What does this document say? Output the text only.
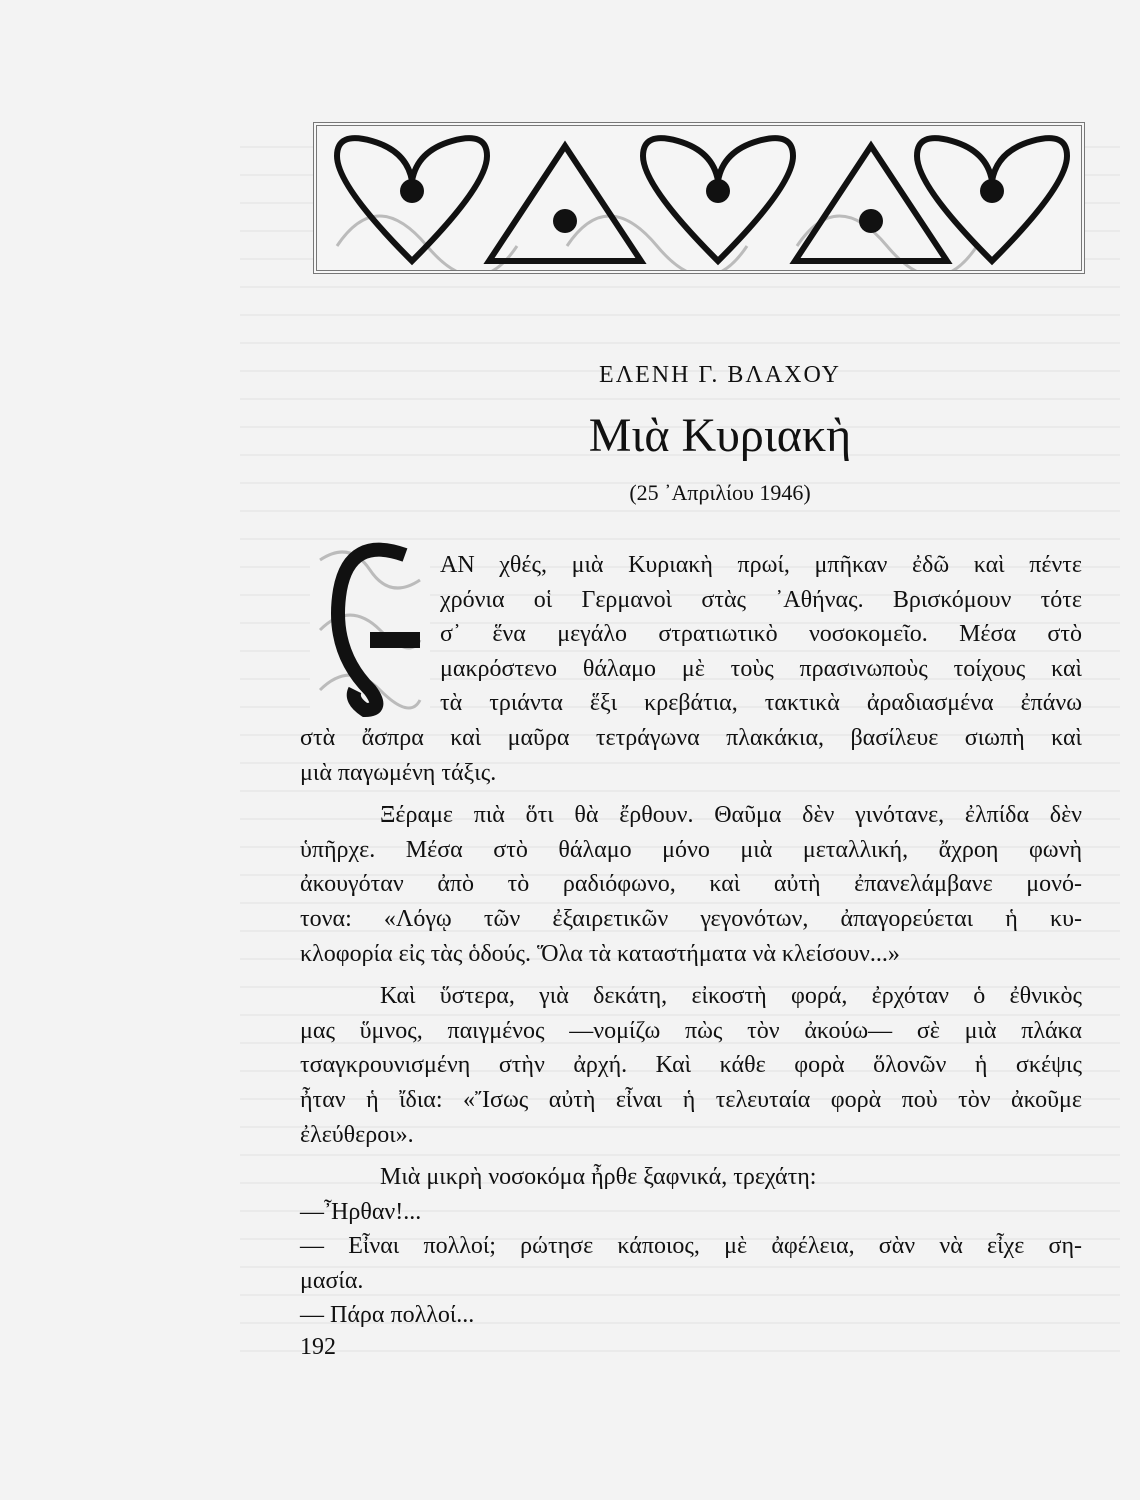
ΕΛΕΝΗ Γ. ΒΛΑΧΟΥ
Μιὰ Κυριακὴ
(25 ᾿Απριλίου 1946)
ΑΝ χθές, μιὰ Κυριακὴ πρωί, μπῆκαν ἐδῶ καὶ πέντε
χρόνια οἱ Γερμανοὶ στὰς ᾿Αθήνας. Βρισκόμουν τότε
σ᾿ ἕνα μεγάλο στρατιωτικὸ νοσοκομεῖο. Μέσα στὸ
μακρόστενο θάλαμο μὲ τοὺς πρασινωποὺς τοίχους καὶ
τὰ τριάντα ἕξι κρεβάτια, τακτικὰ ἀραδιασμένα ἐπάνω
στὰ ἄσπρα καὶ μαῦρα τετράγωνα πλακάκια, βασίλευε σιωπὴ καὶ
μιὰ παγωμένη τάξις.
Ξέραμε πιὰ ὅτι θὰ ἔρθουν. Θαῦμα δὲν γινότανε, ἐλπίδα δὲν
ὑπῆρχε. Μέσα στὸ θάλαμο μόνο μιὰ μεταλλική, ἄχροη φωνὴ
ἀκουγόταν ἀπὸ τὸ ραδιόφωνο, καὶ αὐτὴ ἐπανελάμβανε μονό-
τονα: «Λόγῳ τῶν ἐξαιρετικῶν γεγονότων, ἀπαγορεύεται ἡ κυ-
κλοφορία εἰς τὰς ὁδούς. Ὅλα τὰ καταστήματα νὰ κλείσουν...»
Καὶ ὕστερα, γιὰ δεκάτη, εἰκοστὴ φορά, ἐρχόταν ὁ ἐθνικὸς
μας ὕμνος, παιγμένος —νομίζω πὼς τὸν ἀκούω— σὲ μιὰ πλάκα
τσαγκρουνισμένη στὴν ἀρχή. Καὶ κάθε φορὰ ὅλονῶν ἡ σκέψις
ἦταν ἡ ἴδια: «Ἴσως αὐτὴ εἶναι ἡ τελευταία φορὰ ποὺ τὸν ἀκοῦμε
ἐλεύθεροι».
Μιὰ μικρὴ νοσοκόμα ἦρθε ξαφνικά, τρεχάτη:
—Ἦρθαν!...
— Εἶναι πολλοί; ρώτησε κάποιος, μὲ ἀφέλεια, σὰν νὰ εἶχε ση-
μασία.
— Πάρα πολλοί...
192
